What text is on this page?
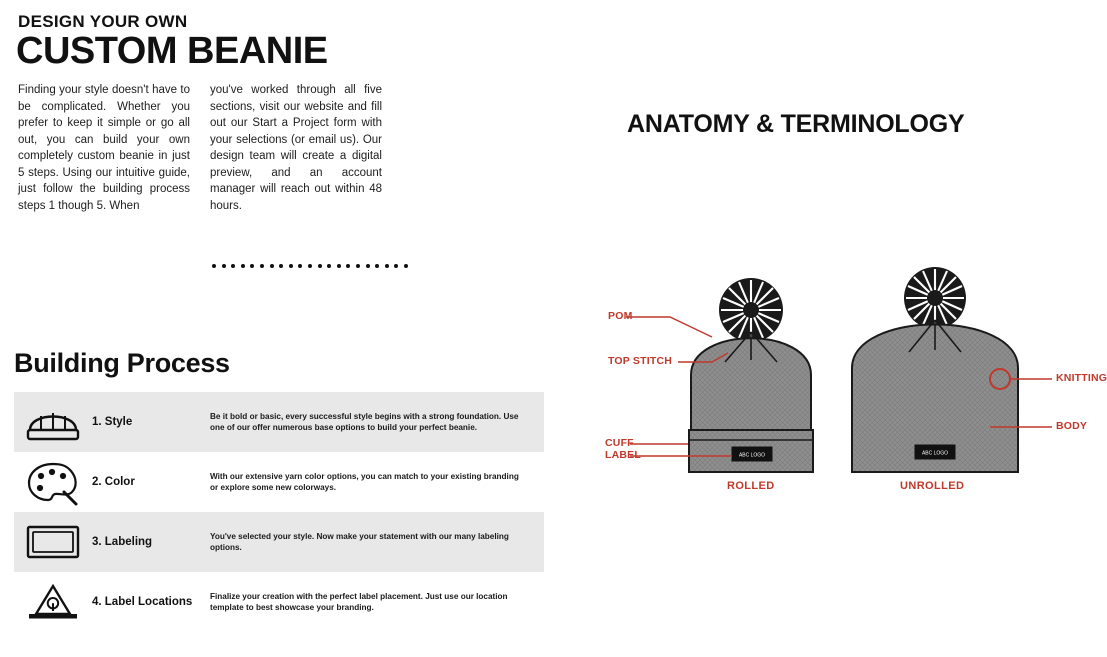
DESIGN YOUR OWN
CUSTOM BEANIE
Finding your style doesn't have to be complicated. Whether you prefer to keep it simple or go all out, you can build your own completely custom beanie in just 5 steps. Using our intuitive guide, just follow the building process steps 1 though 5. When
you've worked through all five sections, visit our website and fill out our Start a Project form with your selections (or email us). Our design team will create a digital preview, and an account manager will reach out within 48 hours.
Building Process
1. Style	Be it bold or basic, every successful style begins with a strong foundation. Use one of our offer numerous base options to build your perfect beanie.
2. Color	With our extensive yarn color options, you can match to your existing branding or explore some new colorways.
3. Labeling	You've selected your style. Now make your statement with our many labeling options.
4. Label Locations	Finalize your creation with the perfect label placement. Just use our location template to best showcase your branding.
ANATOMY & TERMINOLOGY
ABC LOGO	ABC LOGO
POM
TOP STITCH
CUFF
LABEL
KNITTING
BODY
ROLLED	UNROLLED
